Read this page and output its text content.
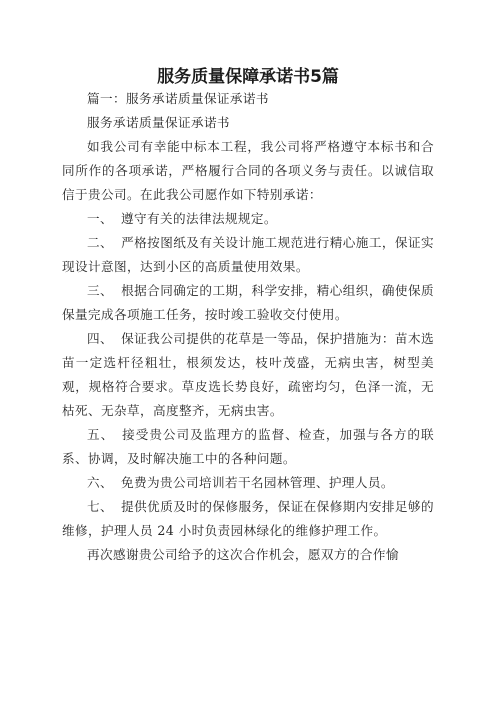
服务质量保障承诺书5篇

篇一：服务承诺质量保证承诺书

服务承诺质量保证承诺书

如我公司有幸能中标本工程，我公司将严格遵守本标书和合同所作的各项承诺，严格履行合同的各项义务与责任。以诚信取信于贵公司。在此我公司愿作如下特别承诺：

一、 遵守有关的法律法规规定。

二、 严格按图纸及有关设计施工规范进行精心施工，保证实现设计意图，达到小区的高质量使用效果。

三、 根据合同确定的工期，科学安排，精心组织，确使保质保量完成各项施工任务，按时竣工验收交付使用。

四、 保证我公司提供的花草是一等品，保护措施为：苗木选苗一定选杆径粗壮，根须发达，枝叶茂盛，无病虫害，树型美观，规格符合要求。草皮选长势良好，疏密均匀，色泽一流，无枯死、无杂草，高度整齐，无病虫害。

五、 接受贵公司及监理方的监督、检查，加强与各方的联系、协调，及时解决施工中的各种问题。

六、 免费为贵公司培训若干名园林管理、护理人员。

七、 提供优质及时的保修服务，保证在保修期内安排足够的维修，护理人员 24 小时负责园林绿化的维修护理工作。

再次感谢贵公司给予的这次合作机会，愿双方的合作愉
